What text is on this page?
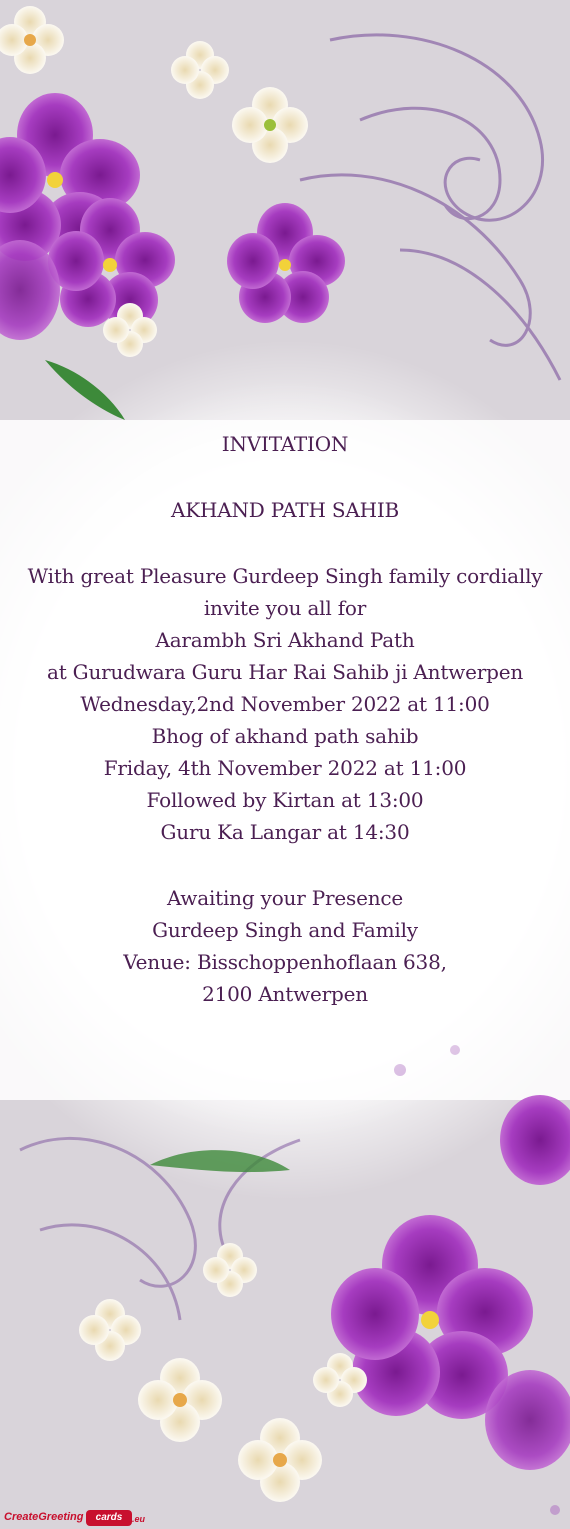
INVITATION
AKHAND PATH SAHIB
With great Pleasure Gurdeep Singh family cordially
invite you all for
Aarambh Sri Akhand Path
at Gurudwara Guru Har Rai Sahib ji Antwerpen
Wednesday,2nd November 2022 at 11:00
Bhog of akhand path sahib
Friday, 4th November 2022 at 11:00
Followed by Kirtan at 13:00
Guru Ka Langar at 14:30
Awaiting your Presence
Gurdeep Singh and Family
Venue: Bisschoppenhoflaan 638,
2100 Antwerpen
CreateGreeting	cards	.eu
